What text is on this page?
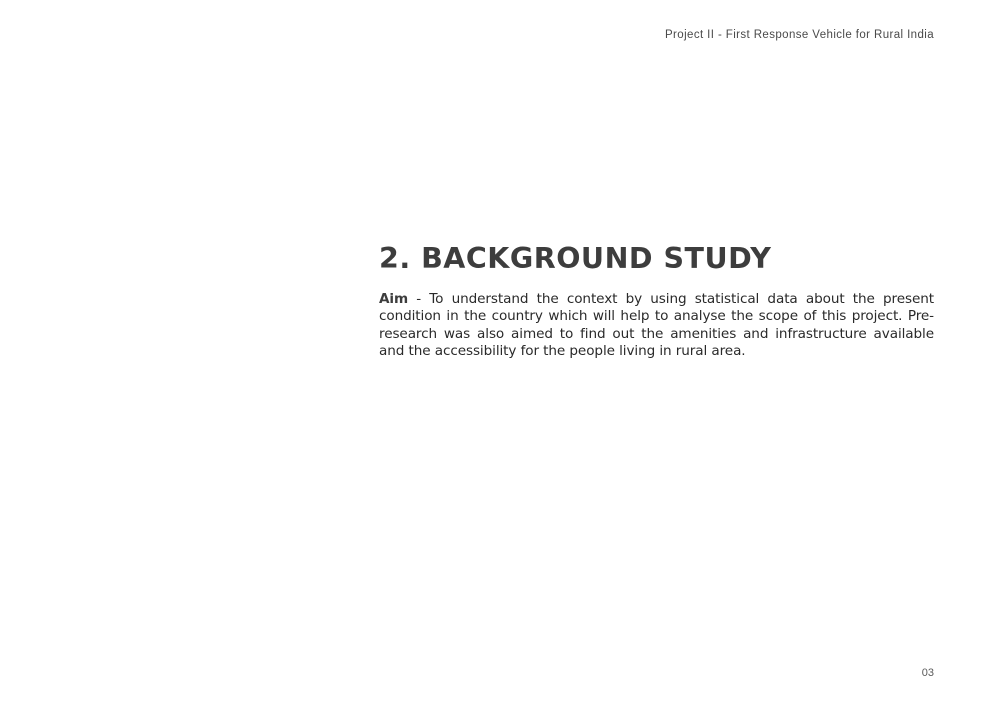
Project II - First Response Vehicle for Rural India
2. BACKGROUND STUDY

Aim - To understand the context by using statistical data about the present condition in the country which will help to analyse the scope of this project. Pre-research was also aimed to find out the amenities and infrastructure available and the accessibility for the people living in rural area.

03
